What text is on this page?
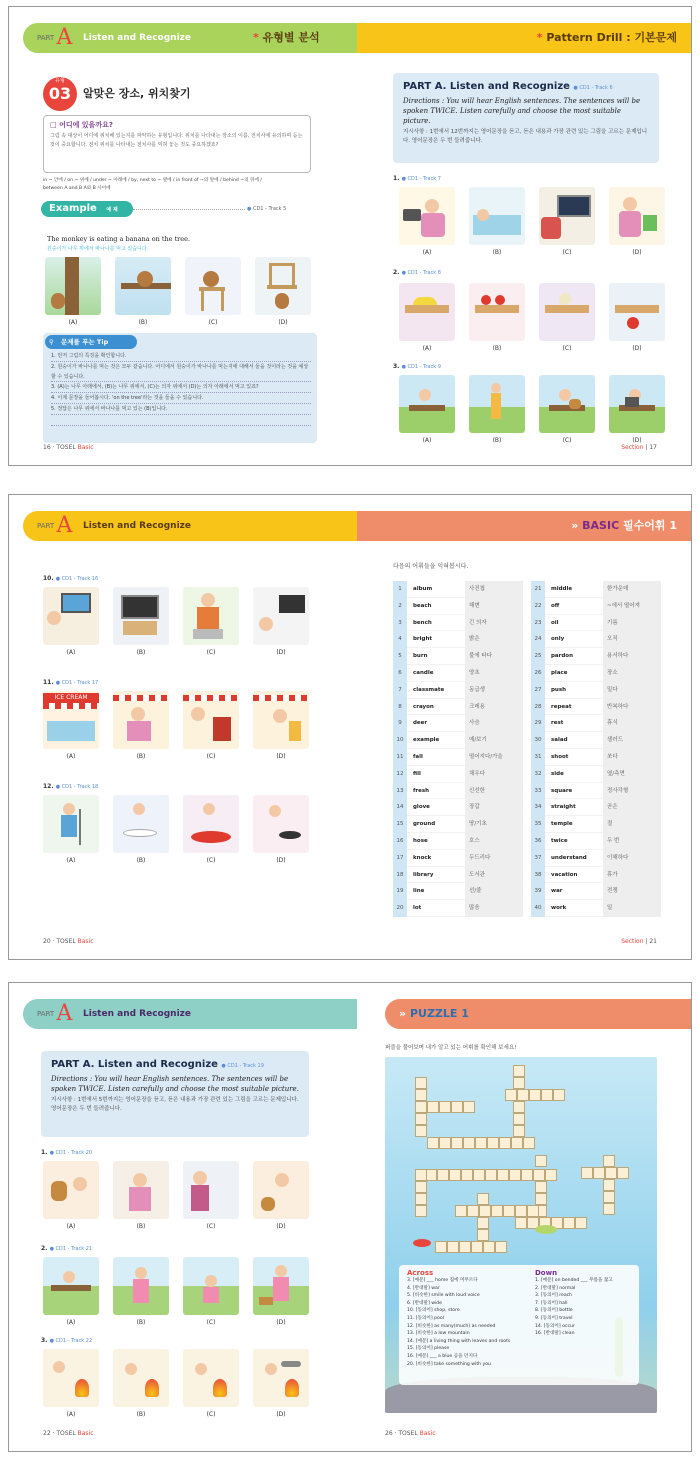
PART A Listen and Recognize	* 유형별 분석	* Pattern Drill : 기본문제
유형
03	알맞은 장소, 위치찾기
□ 어디에 있을까요?
그림 속 대상이 어디에 위치해 있는지를 파악하는 유형입니다. 위치를 나타내는 장소의 이름, 전치사에 유의하며 듣는 것이 중요합니다. 전치 위치를 나타내는 전치사를 익혀 놓는 것도 중요하겠죠?
in ~ 안에 / on ~ 위에 / under ~ 아래에 / by, next to ~ 옆에 / in front of ~의 앞에 / behind ~의 뒤에 /
between A and B A와 B 사이에
Example 예 제	● CD1 - Track 5
The monkey is eating a banana on the tree.
원숭이가 나무 위에서 바나나를 먹고 있습니다.
(A)	(B)	(C)	(D)
⚲ 문제를 푸는 Tip
1. 먼저 그림의 특징을 확인합니다.
2. 원숭이가 바나나를 먹는 것은 모두 같습니다. 어디에서 원숭이가 바나나를 먹는지에 대해서 들을 것이라는 것을 예상할 수 있습니다.
3. (A)는 나무 아래에서, (B)는 나무 위에서, (C)는 의자 위에서 (D)는 의자 아래에서 먹고 있죠?
4. 이제 문장을 들어봅시다. 'on the tree'라는 것을 들을 수 있습니다.
5. 정답은 나무 위에서 바나나를 먹고 있는 (B)입니다.
16 · TOSEL Basic
PART A. Listen and Recognize ● CD1 - Track 6
Directions : You will hear English sentences. The sentences will be spoken TWICE. Listen carefully and choose the most suitable picture.
지시사항 : 1번에서 12번까지는 영어문장을 듣고, 듣은 내용과 가장 관련 있는 그림을 고르는 문제입니다. 영어문장은 두 번 들려줍니다.
1. ● CD1 - Track 7
(A)	(B)	(C)	(D)
2. ● CD1 - Track 8
(A)	(B)	(C)	(D)
3. ● CD1 - Track 9
(A)	(B)	(C)	(D)
Section | 17
PART A Listen and Recognize	» BASIC 필수어휘 1
10. ● CD1 - Track 16
(A)	(B)	(C)	(D)
11. ● CD1 - Track 17
ICE CREAM
(A)	(B)	(C)	(D)
12. ● CD1 - Track 18
(A)	(B)	(C)	(D)
20 · TOSEL Basic
다음의 어휘들을 익혀봅시다.
1	album	사진첩
2	beach	해변
3	bench	긴 의자
4	bright	밝은
5	burn	불에 타다
6	candle	양초
7	classmate	동급생
8	crayon	크레용
9	deer	사슴
10	example	예/보기
11	fall	떨어지다/가을
12	fill	채우다
13	fresh	신선한
14	glove	장갑
15	ground	땅/기초
16	hose	호스
17	knock	두드리다
18	library	도서관
19	line	선/줄
20	lot	많음
21	middle	한가운데
22	off	~에서 떨어져
23	oil	기름
24	only	오직
25	pardon	용서하다
26	place	장소
27	push	밀다
28	repeat	반복하다
29	rest	휴식
30	salad	샐러드
31	shoot	쏘다
32	side	옆/측면
33	square	정사각형
34	straight	곧은
35	temple	절
36	twice	두 번
37	understand	이해하다
38	vacation	휴가
39	war	전쟁
40	work	일
Section | 21
PART A Listen and Recognize	» PUZZLE 1
PART A. Listen and Recognize ● CD1 - Track 19
Directions : You will hear English sentences. The sentences will be spoken TWICE. Listen carefully and choose the most suitable picture.
지시사항 : 1번에서 5번까지는 영어문장을 듣고, 듣은 내용과 가장 관련 있는 그림을 고르는 문제입니다. 영어문장은 두 번 들려줍니다.
1. ● CD1 - Track 20
(A)	(B)	(C)	(D)
2. ● CD1 - Track 21
(A)	(B)	(C)	(D)
3. ● CD1 - Track 22
(A)	(B)	(C)	(D)
22 · TOSEL Basic
퍼즐을 풀어보며 내가 알고 있는 어휘를 확인해 보세요!
Across
3. [예문] ___ home 집에 머무르다
4. [반대말] war
5. [비슷한] smile with loud voice
6. [반대말] wide
10. [동의어] shop, store
11. [동의어] pool
12. [비슷한] as many(much) as needed
13. [비슷한] a low mountain
14. [예문] a living thing with leaves and roots
15. [동의어] please
16. [예문] ___ a blue 공을 던지다
20. [비슷한] take something with you
Down
1. [예문] on bended ___ 무릎을 꿇고
2. [반대말] normal
3. [동의어] reach
7. [동의어] hall
8. [동의어] bottle
9. [동의어] travel
14. [동의어] occur
16. [반대말] clean
26 · TOSEL Basic
